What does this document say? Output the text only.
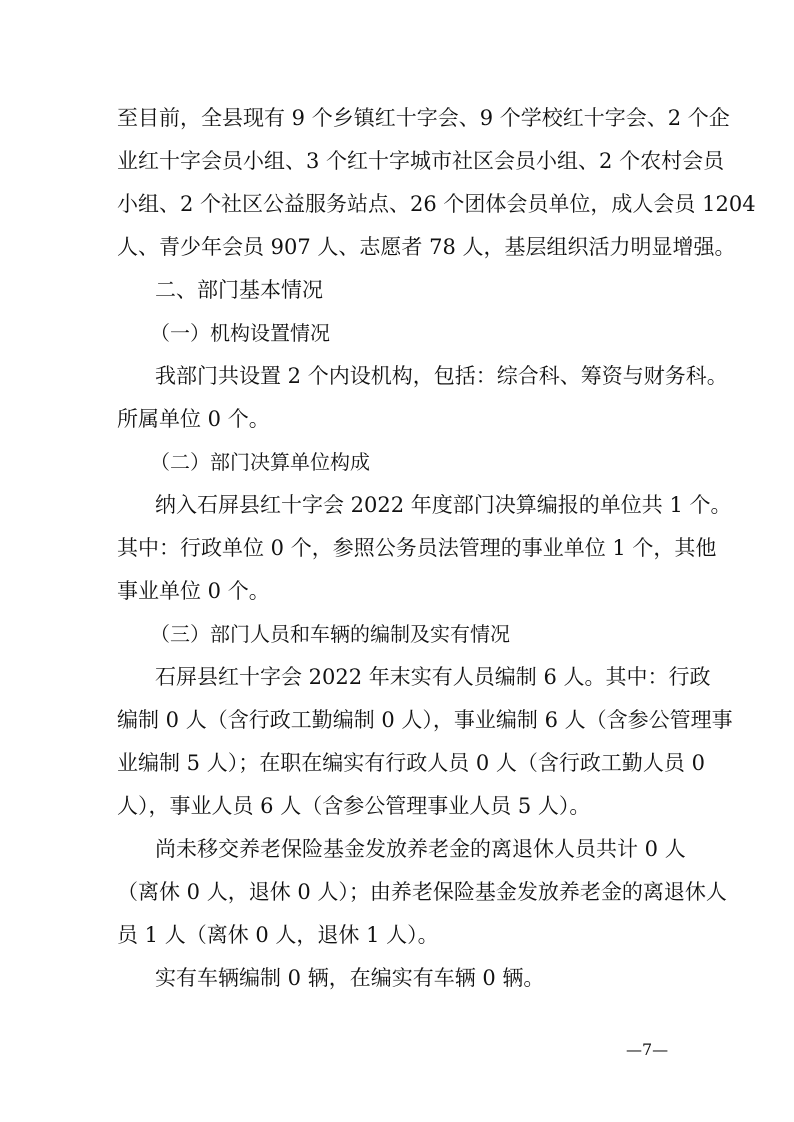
至目前，全县现有 9 个乡镇红十字会、9 个学校红十字会、2 个企
业红十字会员小组、3 个红十字城市社区会员小组、2 个农村会员
小组、2 个社区公益服务站点、26 个团体会员单位，成人会员 1204
人、青少年会员 907 人、志愿者 78 人，基层组织活力明显增强。
二、部门基本情况
（一）机构设置情况
我部门共设置 2 个内设机构，包括：综合科、筹资与财务科。
所属单位 0 个。
（二）部门决算单位构成
纳入石屏县红十字会 2022 年度部门决算编报的单位共 1 个。
其中：行政单位 0 个，参照公务员法管理的事业单位 1 个，其他
事业单位 0 个。
（三）部门人员和车辆的编制及实有情况
石屏县红十字会 2022 年末实有人员编制 6 人。其中：行政
编制 0 人（含行政工勤编制 0 人），事业编制 6 人（含参公管理事
业编制 5 人）；在职在编实有行政人员 0 人（含行政工勤人员 0
人），事业人员 6 人（含参公管理事业人员 5 人）。
尚未移交养老保险基金发放养老金的离退休人员共计 0 人
（离休 0 人，退休 0 人）；由养老保险基金发放养老金的离退休人
员 1 人（离休 0 人，退休 1 人）。
实有车辆编制 0 辆，在编实有车辆 0 辆。
—7—
